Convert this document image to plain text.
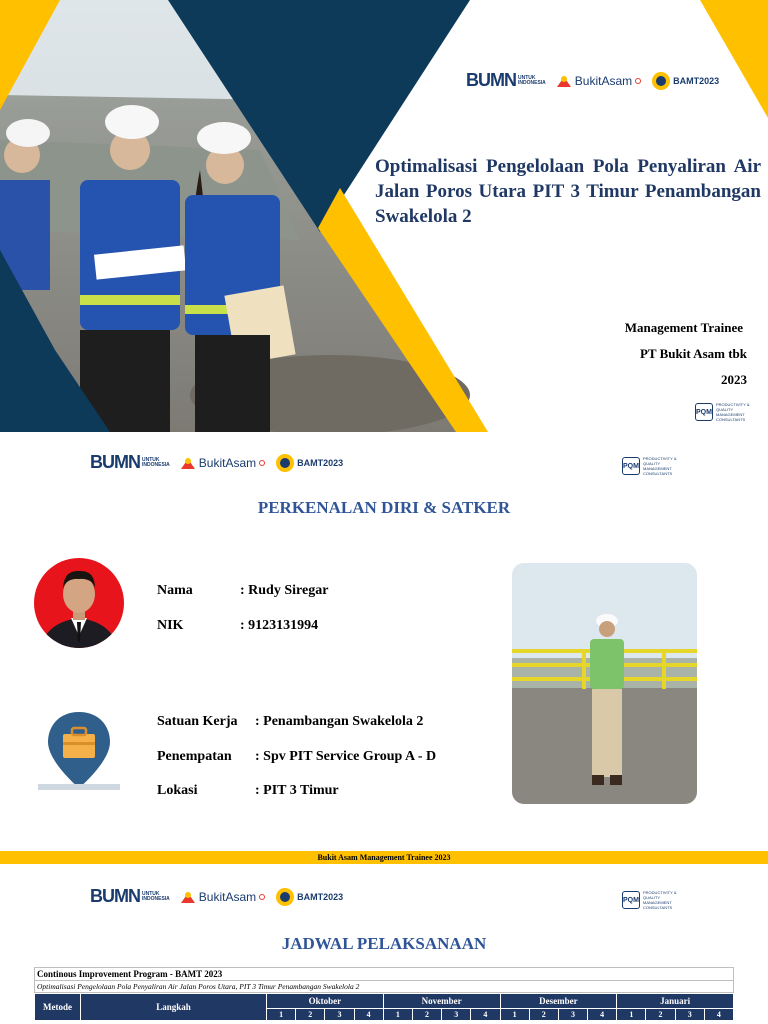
BUMN UNTUK
INDONESIA BukitAsam	BAMT2023
Optimalisasi Pengelolaan Pola Penyaliran Air Jalan Poros Utara PIT 3 Timur Penambangan Swakelola 2
Management Trainee
PT Bukit Asam tbk
2023
PQM
PRODUCTIVITY & QUALITY MANAGEMENT CONSULTANTS
BUMN UNTUK
INDONESIA BukitAsam	BAMT2023	PQM
PRODUCTIVITY & QUALITY MANAGEMENT CONSULTANTS
PERKENALAN DIRI & SATKER
Nama	: Rudy Siregar
NIK	: 9123131994
Satuan Kerja : Penambangan Swakelola 2
Penempatan : Spv PIT Service Group A - D
Lokasi	: PIT 3 Timur
Bukit Asam Management Trainee 2023
BUMN UNTUK
INDONESIA BukitAsam	BAMT2023	PQM
PRODUCTIVITY & QUALITY MANAGEMENT CONSULTANTS
JADWAL PELAKSANAAN
Continous Improvement Program - BAMT 2023
Optimalisasi Pengelolaan Pola Penyaliran Air Jalan Poros Utara, PIT 3 Timur Penambangan Swakelola 2
Metode	Langkah	Oktober				November				Desember				Januari			
		1	2	3	4	1	2	3	4	1	2	3	4	1	2	3	4
